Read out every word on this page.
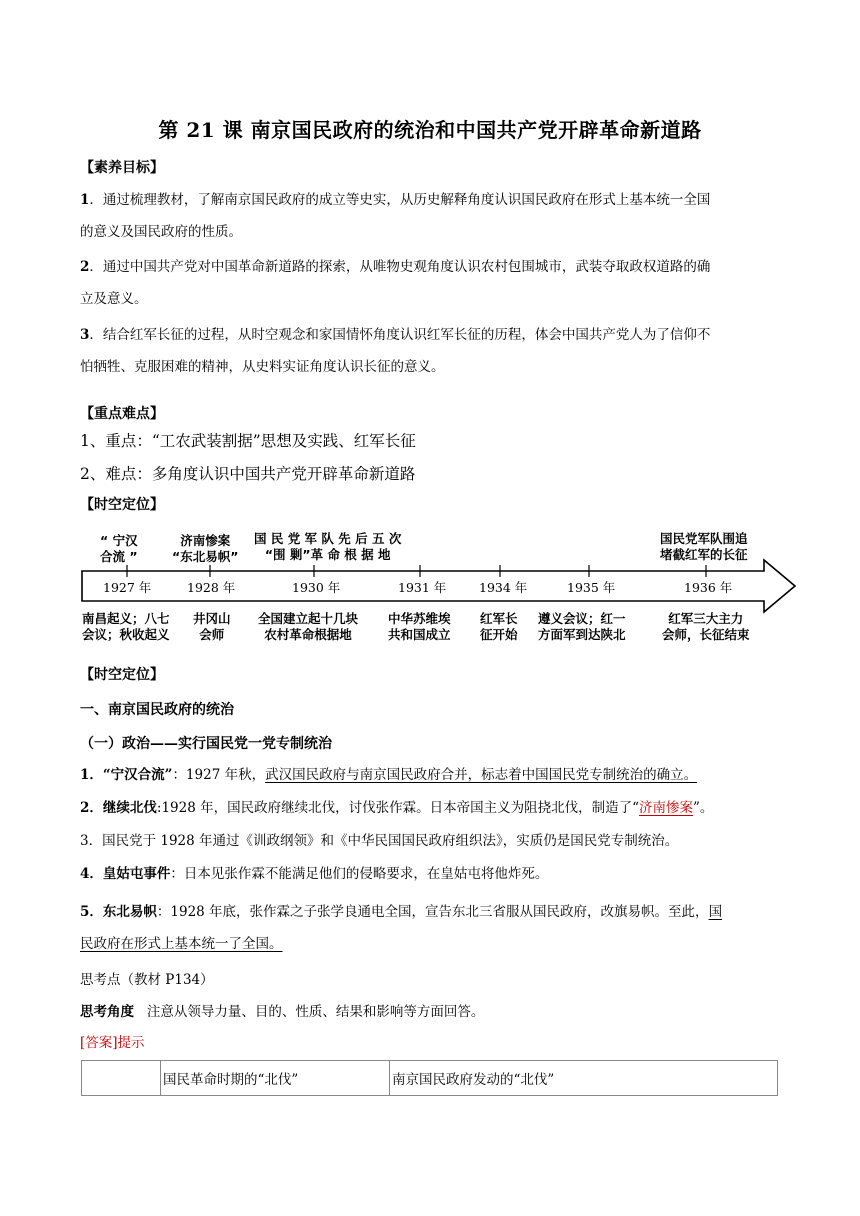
第 21 课 南京国民政府的统治和中国共产党开辟革命新道路
【素养目标】
1．通过梳理教材，了解南京国民政府的成立等史实，从历史解释角度认识国民政府在形式上基本统一全国
的意义及国民政府的性质。
2．通过中国共产党对中国革命新道路的探索，从唯物史观角度认识农村包围城市，武装夺取政权道路的确
立及意义。
3．结合红军长征的过程，从时空观念和家国情怀角度认识红军长征的历程，体会中国共产党人为了信仰不
怕牺牲、克服困难的精神，从史料实证角度认识长征的意义。
【重点难点】
1、重点：“工农武装割据”思想及实践、红军长征
2、难点：多角度认识中国共产党开辟革命新道路
【时空定位】
“ 宁汉
合流 ”
济南惨案
“东北易帜”
国 民 党 军 队 先 后 五 次
“围 剿”革 命 根 据 地
国民党军队围追
堵截红军的长征
1927 年	1928 年	1930 年	1931 年	1934 年	1935 年	1936 年
南昌起义；八七
会议；秋收起义
井冈山
会师
全国建立起十几块
农村革命根据地
中华苏维埃
共和国成立
红军长
征开始
遵义会议；红一
方面军到达陕北
红军三大主力
会师，长征结束
【时空定位】
一、南京国民政府的统治
（一）政治——实行国民党一党专制统治
1．“宁汉合流”：1927 年秋，武汉国民政府与南京国民政府合并，标志着中国国民党专制统治的确立。
2．继续北伐:1928 年，国民政府继续北伐，讨伐张作霖。日本帝国主义为阻挠北伐，制造了“济南惨案”。
3．国民党于 1928 年通过《训政纲领》和《中华民国国民政府组织法》，实质仍是国民党专制统治。
4．皇姑屯事件：日本见张作霖不能满足他们的侵略要求，在皇姑屯将他炸死。
5．东北易帜：1928 年底，张作霖之子张学良通电全国，宣告东北三省服从国民政府，改旗易帜。至此，国
民政府在形式上基本统一了全国。
思考点（教材 P134）
思考角度 注意从领导力量、目的、性质、结果和影响等方面回答。
[答案]提示
	国民革命时期的“北伐”	南京国民政府发动的“北伐”
